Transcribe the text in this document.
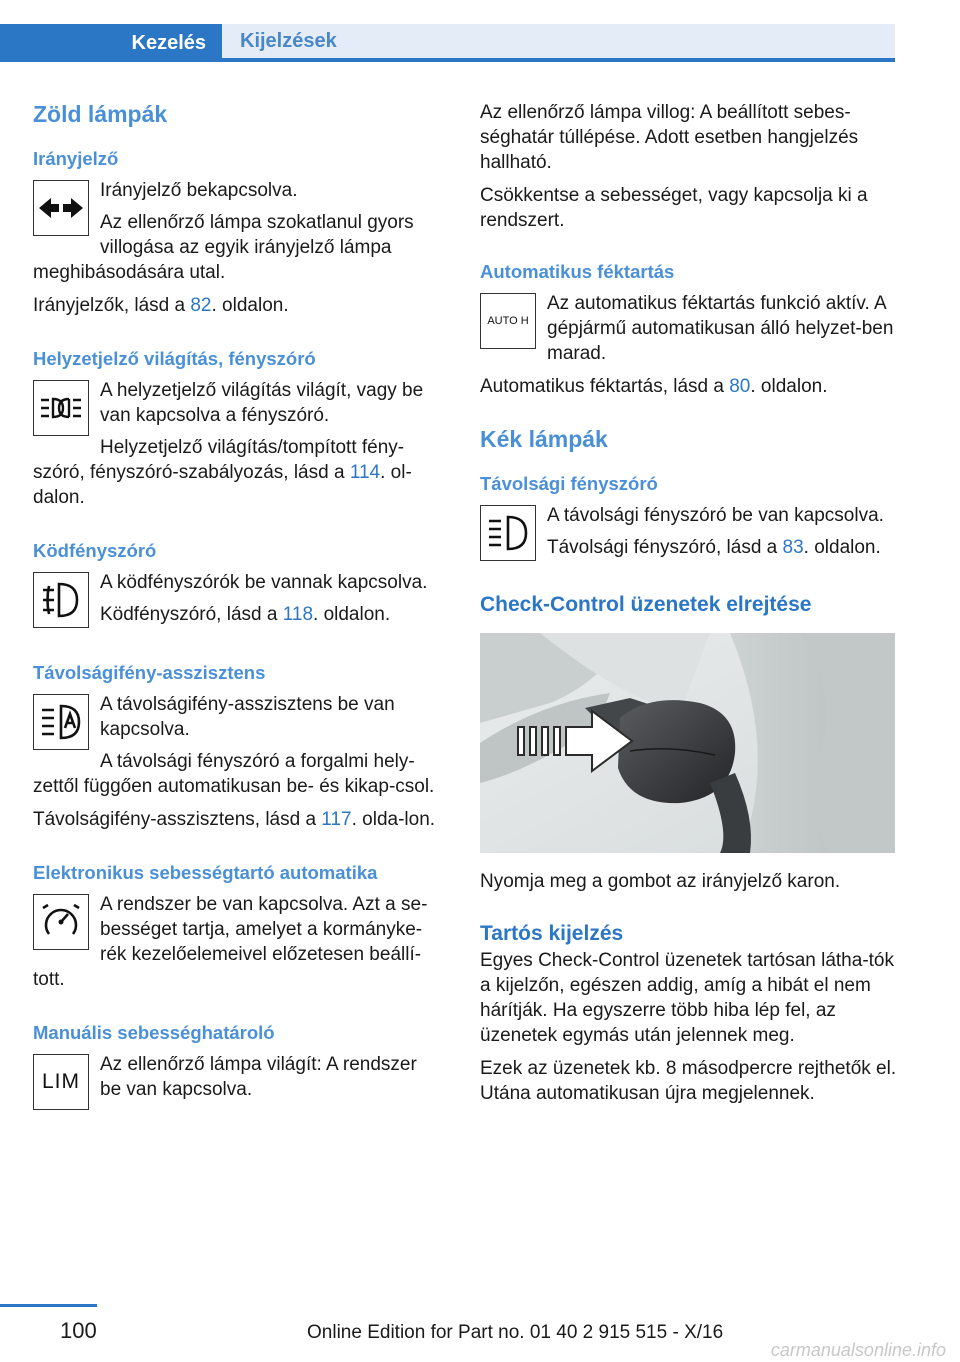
Kezelés	Kijelzések
Zöld lámpák
Irányjelző

Irányjelző bekapcsolva.

Az ellenőrző lámpa szokatlanul gyors villogása az egyik irányjelző lámpa meghibásodására utal.

Irányjelzők, lásd a 82. oldalon.

Helyzetjelző világítás, fényszóró

A helyzetjelző világítás világít, vagy be van kapcsolva a fényszóró.

Helyzetjelző világítás/tompított fény-szóró, fényszóró-szabályozás, lásd a 114. ol-dalon.

Ködfényszóró

A ködfényszórók be vannak kapcsolva.

Ködfényszóró, lásd a 118. oldalon.

Távolságifény-asszisztens

A távolságifény-asszisztens be van kapcsolva.

A távolsági fényszóró a forgalmi hely-zettől függően automatikusan be- és kikap-csol.

Távolságifény-asszisztens, lásd a 117. olda-lon.

Elektronikus sebességtartó automatika

A rendszer be van kapcsolva. Azt a se-bességet tartja, amelyet a kormányke-rék kezelőelemeivel előzetesen beállí-tott.

Manuális sebességhatároló
LIM

Az ellenőrző lámpa világít: A rendszer be van kapcsolva.

Az ellenőrző lámpa villog: A beállított sebes-séghatár túllépése. Adott esetben hangjelzés hallható.

Csökkentse a sebességet, vagy kapcsolja ki a rendszert.

Automatikus féktartás
AUTO H

Az automatikus féktartás funkció aktív. A gépjármű automatikusan álló helyzet-ben marad.

Automatikus féktartás, lásd a 80. oldalon.

Kék lámpák
Távolsági fényszóró

A távolsági fényszóró be van kapcsolva.

Távolsági fényszóró, lásd a 83. oldalon.

Check-Control üzenetek elrejtése

Nyomja meg a gombot az irányjelző karon.

Tartós kijelzés

Egyes Check-Control üzenetek tartósan látha-tók a kijelzőn, egészen addig, amíg a hibát el nem hárítják. Ha egyszerre több hiba lép fel, az üzenetek egymás után jelennek meg.

Ezek az üzenetek kb. 8 másodpercre rejthetők el. Utána automatikusan újra megjelennek.

100	Online Edition for Part no. 01 40 2 915 515 - X/16
carmanualsonline.info
